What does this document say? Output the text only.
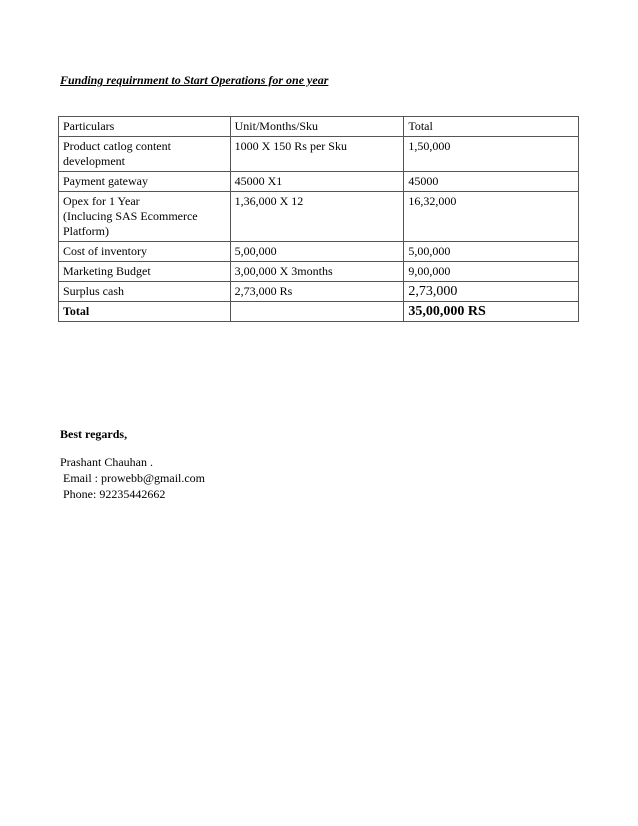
Funding requirnment to Start Operations for one year
Particulars	Unit/Months/Sku	Total
Product catlog content
development	1000 X 150 Rs per Sku	1,50,000
Payment gateway	45000 X1	45000
Opex for 1 Year
(Inclucing SAS Ecommerce
Platform)	1,36,000 X 12	16,32,000
Cost of inventory	5,00,000	5,00,000
Marketing Budget	3,00,000 X 3months	9,00,000
Surplus cash	2,73,000 Rs	2,73,000
Total		35,00,000 RS
Best regards,
Prashant Chauhan .
Email : prowebb@gmail.com
Phone: 92235442662
